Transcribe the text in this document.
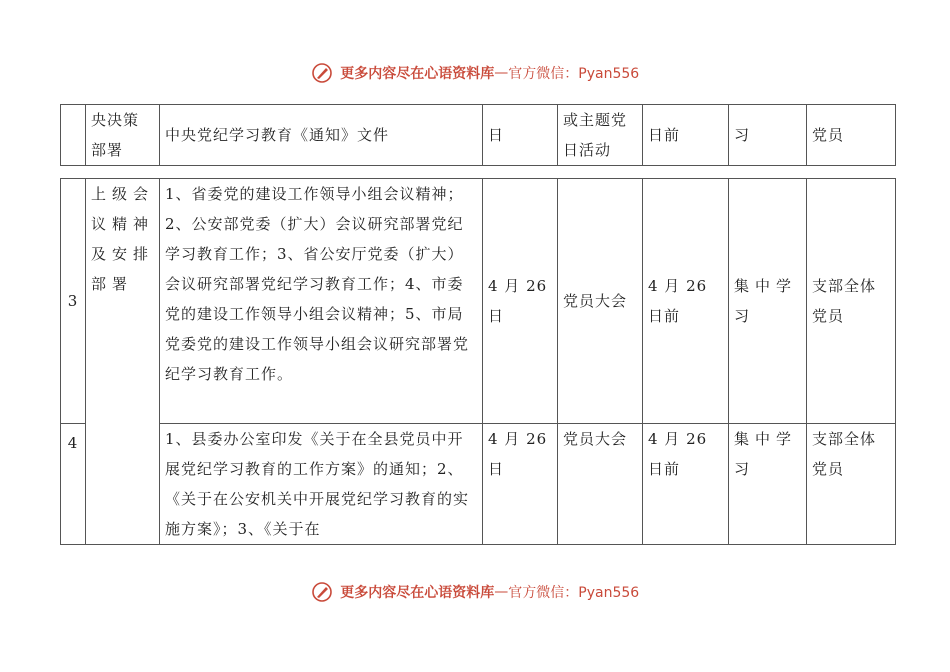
更多内容尽在心语资料库—官方微信：Pyan556
	央决策部署	中央党纪学习教育《通知》文件	日	或主题党日活动	日前	习	党员
3	上级会议精神及安排部署	1、省委党的建设工作领导小组会议精神；2、公安部党委（扩大）会议研究部署党纪学习教育工作；3、省公安厅党委（扩大）会议研究部署党纪学习教育工作；4、市委党的建设工作领导小组会议精神；5、市局党委党的建设工作领导小组会议研究部署党纪学习教育工作。	4 月 26 日	党员大会	4 月 26 日前	集中学习	支部全体党员
4		1、县委办公室印发《关于在全县党员中开展党纪学习教育的工作方案》的通知；2、《关于在公安机关中开展党纪学习教育的实施方案》；3、《关于在	4 月 26 日	党员大会	4 月 26 日前	集中学习	支部全体党员
更多内容尽在心语资料库—官方微信：Pyan556
